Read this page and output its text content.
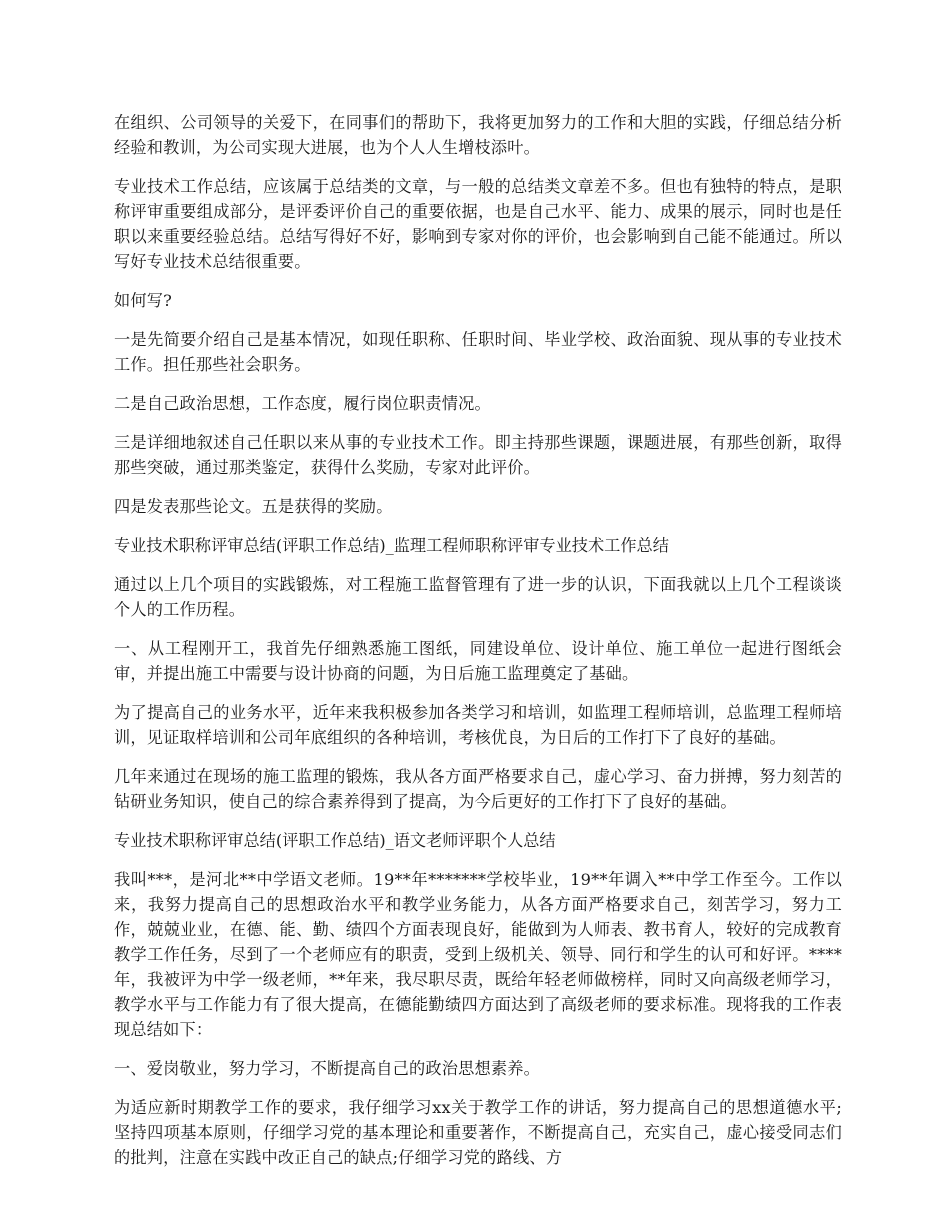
在组织、公司领导的关爱下，在同事们的帮助下，我将更加努力的工作和大胆的实践，仔细总结分析经验和教训，为公司实现大进展，也为个人人生增枝添叶。

专业技术工作总结，应该属于总结类的文章，与一般的总结类文章差不多。但也有独特的特点，是职称评审重要组成部分，是评委评价自己的重要依据，也是自己水平、能力、成果的展示，同时也是任职以来重要经验总结。总结写得好不好，影响到专家对你的评价，也会影响到自己能不能通过。所以写好专业技术总结很重要。

如何写?

一是先简要介绍自己是基本情况，如现任职称、任职时间、毕业学校、政治面貌、现从事的专业技术工作。担任那些社会职务。

二是自己政治思想，工作态度，履行岗位职责情况。

三是详细地叙述自己任职以来从事的专业技术工作。即主持那些课题，课题进展，有那些创新，取得那些突破，通过那类鉴定，获得什么奖励，专家对此评价。

四是发表那些论文。五是获得的奖励。

专业技术职称评审总结(评职工作总结)_监理工程师职称评审专业技术工作总结

通过以上几个项目的实践锻炼，对工程施工监督管理有了进一步的认识，下面我就以上几个工程谈谈个人的工作历程。

一、从工程刚开工，我首先仔细熟悉施工图纸，同建设单位、设计单位、施工单位一起进行图纸会审，并提出施工中需要与设计协商的问题，为日后施工监理奠定了基础。

为了提高自己的业务水平，近年来我积极参加各类学习和培训，如监理工程师培训，总监理工程师培训，见证取样培训和公司年底组织的各种培训，考核优良，为日后的工作打下了良好的基础。

几年来通过在现场的施工监理的锻炼，我从各方面严格要求自己，虚心学习、奋力拼搏，努力刻苦的钻研业务知识，使自己的综合素养得到了提高，为今后更好的工作打下了良好的基础。

专业技术职称评审总结(评职工作总结)_语文老师评职个人总结

我叫***，是河北**中学语文老师。19**年*******学校毕业，19**年调入**中学工作至今。工作以来，我努力提高自己的思想政治水平和教学业务能力，从各方面严格要求自己，刻苦学习，努力工作，兢兢业业，在德、能、勤、绩四个方面表现良好，能做到为人师表、教书育人，较好的完成教育教学工作任务，尽到了一个老师应有的职责，受到上级机关、领导、同行和学生的认可和好评。****年，我被评为中学一级老师，**年来，我尽职尽责，既给年轻老师做榜样，同时又向高级老师学习，教学水平与工作能力有了很大提高，在德能勤绩四方面达到了高级老师的要求标准。现将我的工作表现总结如下：

一、爱岗敬业，努力学习，不断提高自己的政治思想素养。

为适应新时期教学工作的要求，我仔细学习xx关于教学工作的讲话，努力提高自己的思想道德水平;坚持四项基本原则，仔细学习党的基本理论和重要著作，不断提高自己，充实自己，虚心接受同志们的批判，注意在实践中改正自己的缺点;仔细学习党的路线、方
